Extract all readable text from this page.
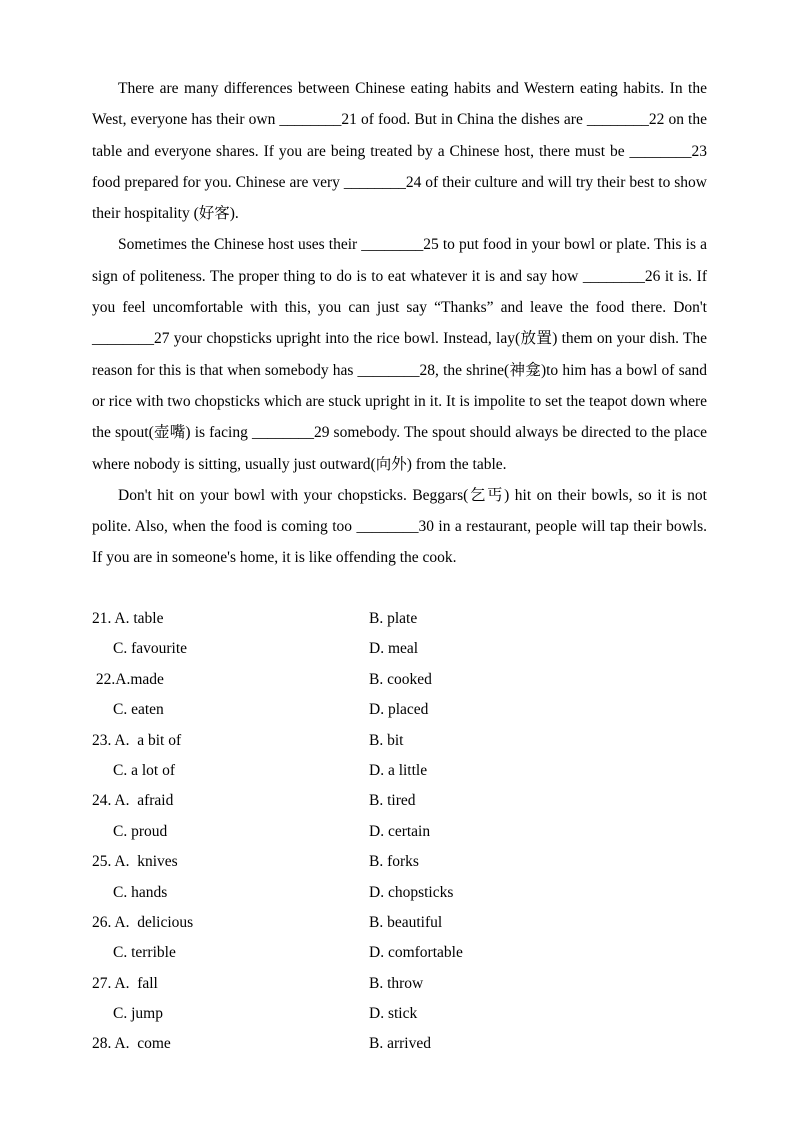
There are many differences between Chinese eating habits and Western eating habits. In the West, everyone has their own ________21 of food. But in China the dishes are ________22 on the table and everyone shares. If you are being treated by a Chinese host, there must be ________23 food prepared for you. Chinese are very ________24 of their culture and will try their best to show their hospitality (好客).

Sometimes the Chinese host uses their ________25 to put food in your bowl or plate. This is a sign of politeness. The proper thing to do is to eat whatever it is and say how ________26 it is. If you feel uncomfortable with this, you can just say “Thanks” and leave the food there. Don't ________27 your chopsticks upright into the rice bowl. Instead, lay(放置) them on your dish. The reason for this is that when somebody has ________28, the shrine(神龛)to him has a bowl of sand or rice with two chopsticks which are stuck upright in it. It is impolite to set the teapot down where the spout(壶嘴) is facing ________29 somebody. The spout should always be directed to the place where nobody is sitting, usually just outward(向外) from the table.

Don't hit on your bowl with your chopsticks. Beggars(乞丐) hit on their bowls, so it is not polite. Also, when the food is coming too ________30 in a restaurant, people will tap their bowls. If you are in someone's home, it is like offending the cook.

21. A. table	B. plate
C. favourite	D. meal
22.A.made	B. cooked
C. eaten	D. placed
23. A.  a bit of	B. bit
C. a lot of	D. a little
24. A.  afraid	B. tired
C. proud	D. certain
25. A.  knives	B. forks
C. hands	D. chopsticks
26. A.  delicious	B. beautiful
C. terrible	D. comfortable
27. A.  fall	B. throw
C. jump	D. stick
28. A.  come	B. arrived
